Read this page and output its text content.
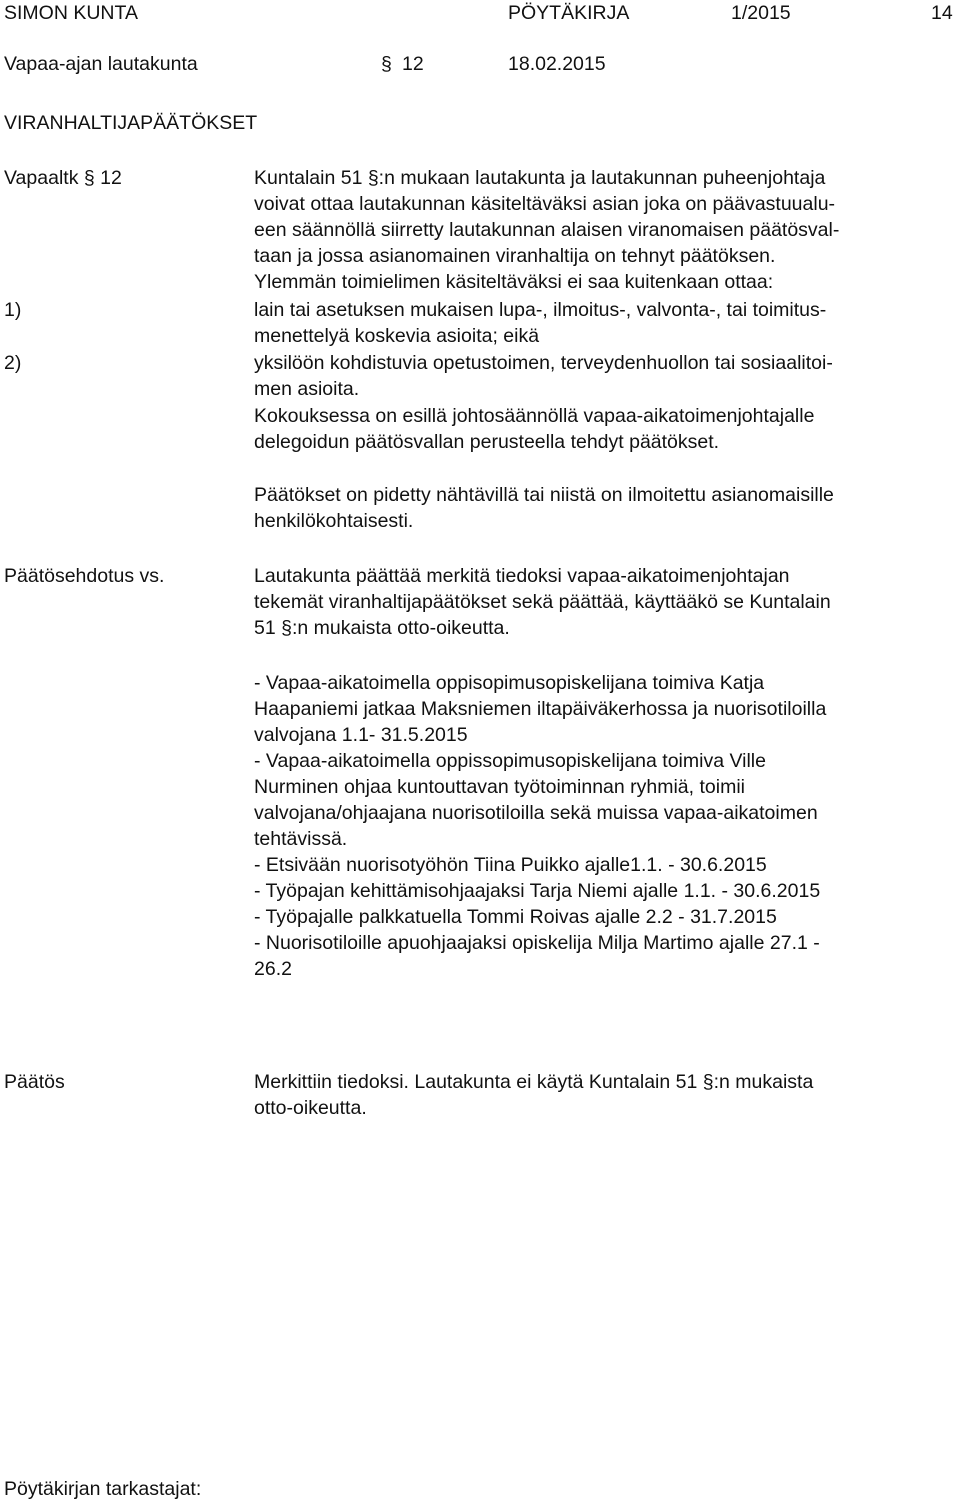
SIMON KUNTA	PÖYTÄKIRJA	1/2015	14
Vapaa-ajan lautakunta	§ 12	18.02.2015
VIRANHALTIJAPÄÄTÖKSET
Vapaaltk § 12	Kuntalain 51 §:n mukaan lautakunta ja lautakunnan puheenjohtaja

voivat ottaa lautakunnan käsiteltäväksi asian joka on päävastuualu-

een säännöllä siirretty lautakunnan alaisen viranomaisen päätösval-

taan ja jossa asianomainen viranhaltija on tehnyt päätöksen.

Ylemmän toimielimen käsiteltäväksi ei saa kuitenkaan ottaa:

1)	lain tai asetuksen mukaisen lupa-, ilmoitus-, valvonta-, tai toimitus-

menettelyä koskevia asioita; eikä

2)	yksilöön kohdistuvia opetustoimen, terveydenhuollon tai sosiaalitoi-

men asioita.

Kokouksessa on esillä johtosäännöllä vapaa-aikatoimenjohtajalle

delegoidun päätösvallan perusteella tehdyt päätökset.

Päätökset on pidetty nähtävillä tai niistä on ilmoitettu asianomaisille

henkilökohtaisesti.

Päätösehdotus vs.	Lautakunta päättää merkitä tiedoksi vapaa-aikatoimenjohtajan

tekemät viranhaltijapäätökset sekä päättää, käyttääkö se Kuntalain

51 §:n mukaista otto-oikeutta.

- Vapaa-aikatoimella oppisopimusopiskelijana toimiva Katja

Haapaniemi jatkaa Maksniemen iltapäiväkerhossa ja nuorisotiloilla

valvojana 1.1- 31.5.2015

- Vapaa-aikatoimella oppissopimusopiskelijana toimiva Ville

Nurminen ohjaa kuntouttavan työtoiminnan ryhmiä, toimii

valvojana/ohjaajana nuorisotiloilla sekä muissa vapaa-aikatoimen

tehtävissä.

- Etsivään nuorisotyöhön Tiina Puikko ajalle1.1. - 30.6.2015

- Työpajan kehittämisohjaajaksi Tarja Niemi ajalle 1.1. - 30.6.2015

- Työpajalle palkkatuella Tommi Roivas ajalle 2.2 - 31.7.2015

- Nuorisotiloille apuohjaajaksi opiskelija Milja Martimo ajalle 27.1 -

26.2

Päätös	Merkittiin tiedoksi. Lautakunta ei käytä Kuntalain 51 §:n mukaista

otto-oikeutta.

Pöytäkirjan tarkastajat:
